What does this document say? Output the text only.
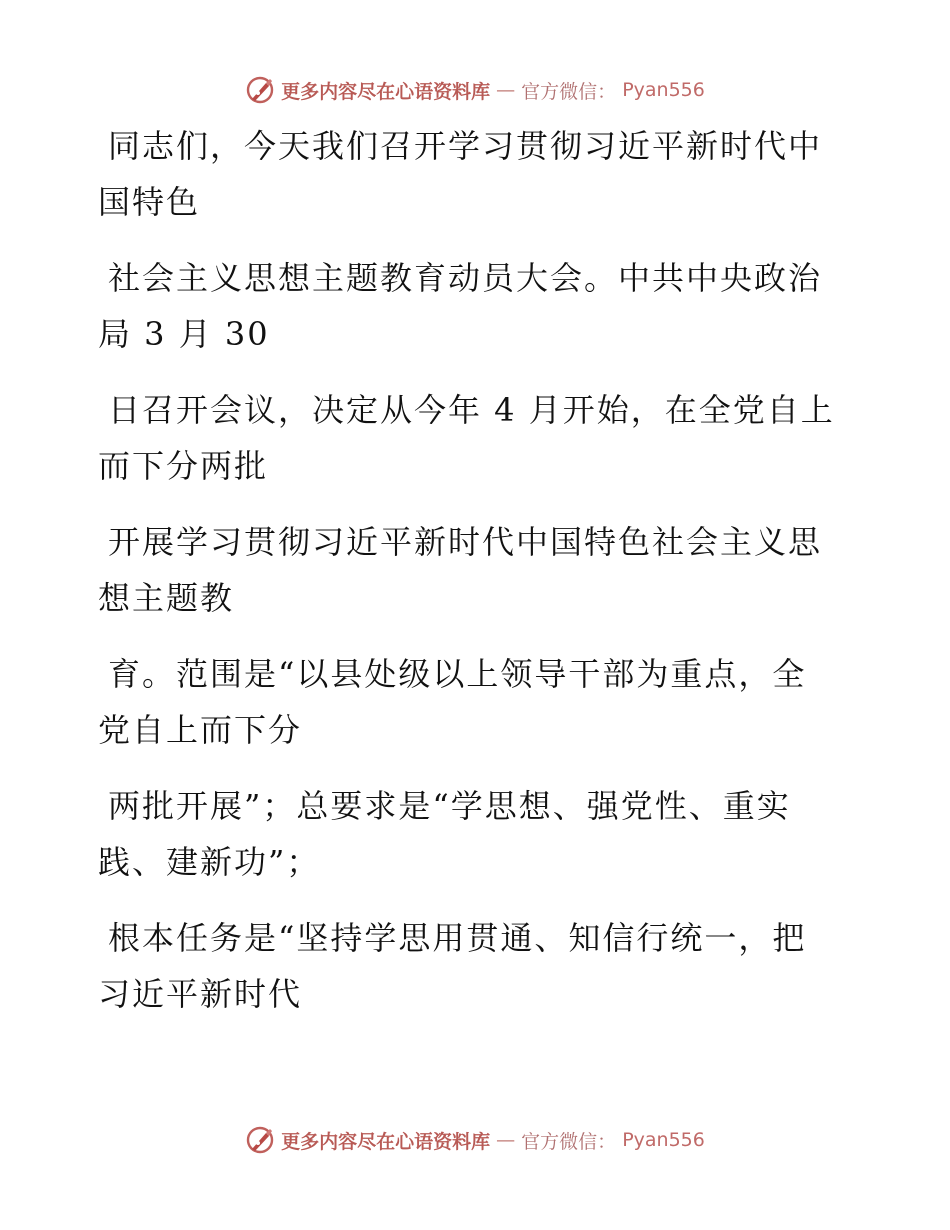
更多内容尽在心语资料库 — 官方微信： Pyan556

同志们，今天我们召开学习贯彻习近平新时代中
国特色

社会主义思想主题教育动员大会。中共中央政治
局 3 月 30

日召开会议，决定从今年 4 月开始，在全党自上
而下分两批

开展学习贯彻习近平新时代中国特色社会主义思
想主题教

育。范围是“以县处级以上领导干部为重点，全
党自上而下分

两批开展”；总要求是“学思想、强党性、重实
践、建新功”；

根本任务是“坚持学思用贯通、知信行统一，把
习近平新时代

更多内容尽在心语资料库 — 官方微信： Pyan556
